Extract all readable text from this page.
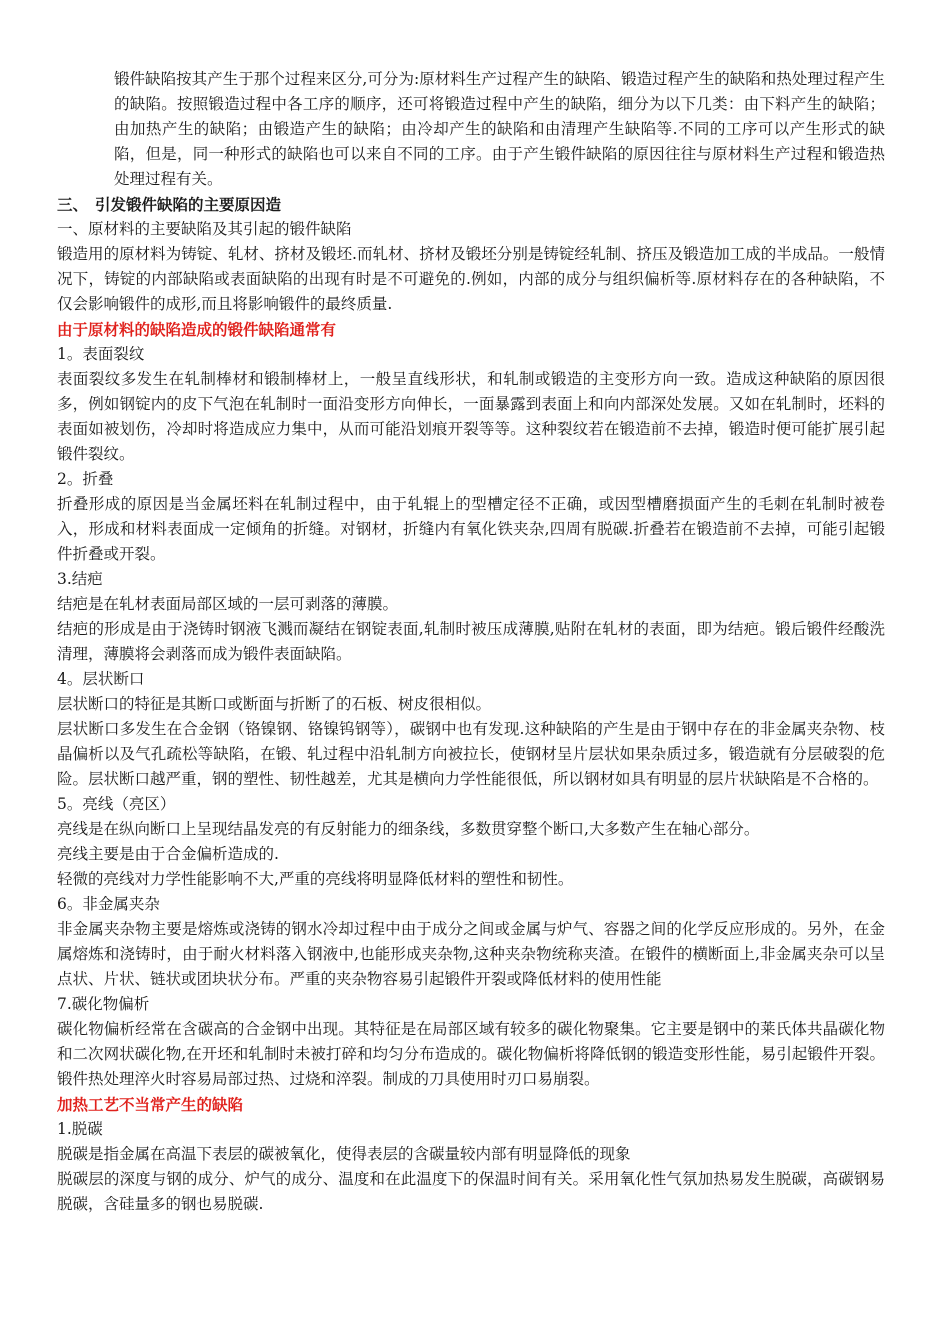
锻件缺陷按其产生于那个过程来区分,可分为:原材料生产过程产生的缺陷、锻造过程产生的缺陷和热处理过程产生的缺陷。按照锻造过程中各工序的顺序，还可将锻造过程中产生的缺陷，细分为以下几类：由下料产生的缺陷；由加热产生的缺陷；由锻造产生的缺陷；由冷却产生的缺陷和由清理产生缺陷等.不同的工序可以产生形式的缺陷，但是，同一种形式的缺陷也可以来自不同的工序。由于产生锻件缺陷的原因往往与原材料生产过程和锻造热处理过程有关。

三、 引发锻件缺陷的主要原因造

一、原材料的主要缺陷及其引起的锻件缺陷

锻造用的原材料为铸锭、轧材、挤材及锻坯.而轧材、挤材及锻坯分别是铸锭经轧制、挤压及锻造加工成的半成品。一般情况下，铸锭的内部缺陷或表面缺陷的出现有时是不可避免的.例如，内部的成分与组织偏析等.原材料存在的各种缺陷，不仅会影响锻件的成形,而且将影响锻件的最终质量.

由于原材料的缺陷造成的锻件缺陷通常有

1。表面裂纹

表面裂纹多发生在轧制棒材和锻制棒材上，一般呈直线形状，和轧制或锻造的主变形方向一致。造成这种缺陷的原因很多，例如钢锭内的皮下气泡在轧制时一面沿变形方向伸长，一面暴露到表面上和向内部深处发展。又如在轧制时，坯料的表面如被划伤，冷却时将造成应力集中，从而可能沿划痕开裂等等。这种裂纹若在锻造前不去掉，锻造时便可能扩展引起锻件裂纹。

2。折叠

折叠形成的原因是当金属坯料在轧制过程中，由于轧辊上的型槽定径不正确，或因型槽磨损面产生的毛刺在轧制时被卷入，形成和材料表面成一定倾角的折缝。对钢材，折缝内有氧化铁夹杂,四周有脱碳.折叠若在锻造前不去掉，可能引起锻件折叠或开裂。

3.结疤

结疤是在轧材表面局部区域的一层可剥落的薄膜。

结疤的形成是由于浇铸时钢液飞溅而凝结在钢锭表面,轧制时被压成薄膜,贴附在轧材的表面，即为结疤。锻后锻件经酸洗清理，薄膜将会剥落而成为锻件表面缺陷。

4。层状断口

层状断口的特征是其断口或断面与折断了的石板、树皮很相似。

层状断口多发生在合金钢（铬镍钢、铬镍钨钢等），碳钢中也有发现.这种缺陷的产生是由于钢中存在的非金属夹杂物、枝晶偏析以及气孔疏松等缺陷，在锻、轧过程中沿轧制方向被拉长，使钢材呈片层状如果杂质过多，锻造就有分层破裂的危险。层状断口越严重，钢的塑性、韧性越差，尤其是横向力学性能很低，所以钢材如具有明显的层片状缺陷是不合格的。

5。亮线（亮区）

亮线是在纵向断口上呈现结晶发亮的有反射能力的细条线，多数贯穿整个断口,大多数产生在轴心部分。

亮线主要是由于合金偏析造成的.

轻微的亮线对力学性能影响不大,严重的亮线将明显降低材料的塑性和韧性。

6。非金属夹杂

非金属夹杂物主要是熔炼或浇铸的钢水冷却过程中由于成分之间或金属与炉气、容器之间的化学反应形成的。另外，在金属熔炼和浇铸时，由于耐火材料落入钢液中,也能形成夹杂物,这种夹杂物统称夹渣。在锻件的横断面上,非金属夹杂可以呈点状、片状、链状或团块状分布。严重的夹杂物容易引起锻件开裂或降低材料的使用性能

7.碳化物偏析

碳化物偏析经常在含碳高的合金钢中出现。其特征是在局部区域有较多的碳化物聚集。它主要是钢中的莱氏体共晶碳化物和二次网状碳化物,在开坯和轧制时未被打碎和均匀分布造成的。碳化物偏析将降低钢的锻造变形性能，易引起锻件开裂。锻件热处理淬火时容易局部过热、过烧和淬裂。制成的刀具使用时刃口易崩裂。

加热工艺不当常产生的缺陷

1.脱碳

脱碳是指金属在高温下表层的碳被氧化，使得表层的含碳量较内部有明显降低的现象

脱碳层的深度与钢的成分、炉气的成分、温度和在此温度下的保温时间有关。采用氧化性气氛加热易发生脱碳，高碳钢易脱碳，含硅量多的钢也易脱碳.
